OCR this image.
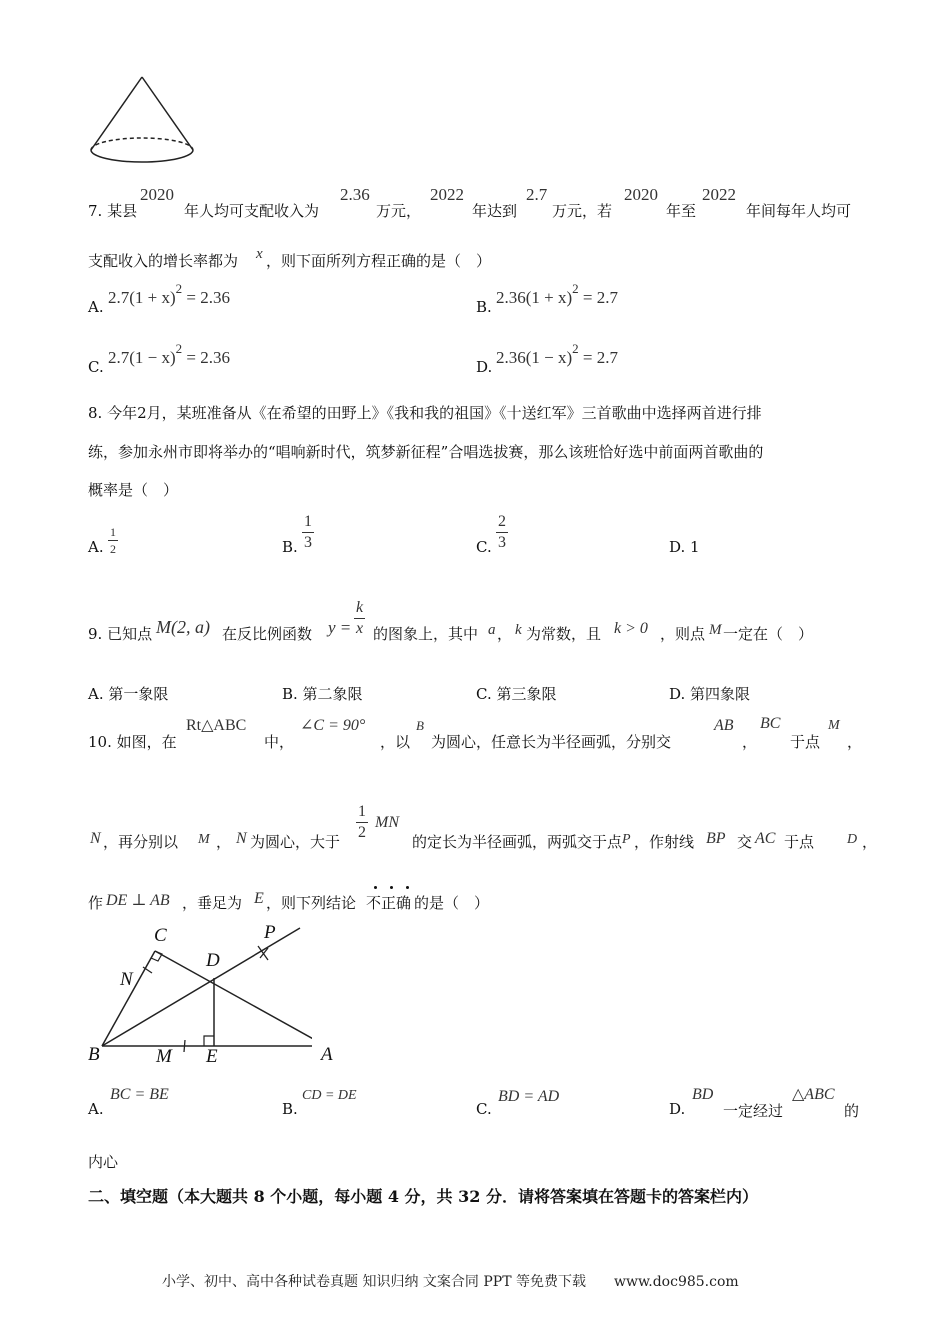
7. 某县
2020
年人均可支配收入为
2.36
万元，
2022
年达到
2.7
万元，若
2020
年至
2022
年间每年人均可
支配收入的增长率都为 x ，则下面所列方程正确的是（　）
A. $2.7(1 + x)^2 = 2.36$	B. $2.36(1 + x)^2 = 2.7$
C. $2.7(1 - x)^2 = 2.36$	D. $2.36(1 - x)^2 = 2.7$
8. 今年2月，某班准备从《在希望的田野上》《我和我的祖国》《十送红军》三首歌曲中选择两首进行排
练，参加永州市即将举办的“唱响新时代，筑梦新征程”合唱选拔赛，那么该班恰好选中前面两首歌曲的
概率是（　）
A. $\frac{1}{2}$	B. $\frac{1}{3}$	C. $\frac{2}{3}$	D. 1
9. 已知点 M(2, a) 在反比例函数 $y = \frac{k}{x}$ 的图象上，其中 a ， k 为常数，且 k > 0 ，则点 M 一定在（　）
A. 第一象限	B. 第二象限	C. 第三象限	D. 第四象限
10. 如图，在
Rt△ABC
中，
∠C = 90°
，以
B
为圆心，任意长为半径画弧，分别交
AB
，
BC
于点
M
，
N ，再分别以 M ， N 为圆心，大于 $\frac{1}{2}$ MN
的定长为半径画弧，两弧交于点 P ，作射线 BP 交 AC 于点 D ，
作 DE ⊥ AB ，垂足为 E ，则下列结论 不正确 的是（　）
C	P
N
D
B	M E	A
A.
BC = BE
B.
CD = DE
C.
BD = AD
D.
BD
一定经过
△ABC
的
内心
二、填空题（本大题共 8 个小题，每小题 4 分，共 32 分．请将答案填在答题卡的答案栏内）
小学、初中、高中各种试卷真题 知识归纳 文案合同 PPT 等免费下载　　www.doc985.com
